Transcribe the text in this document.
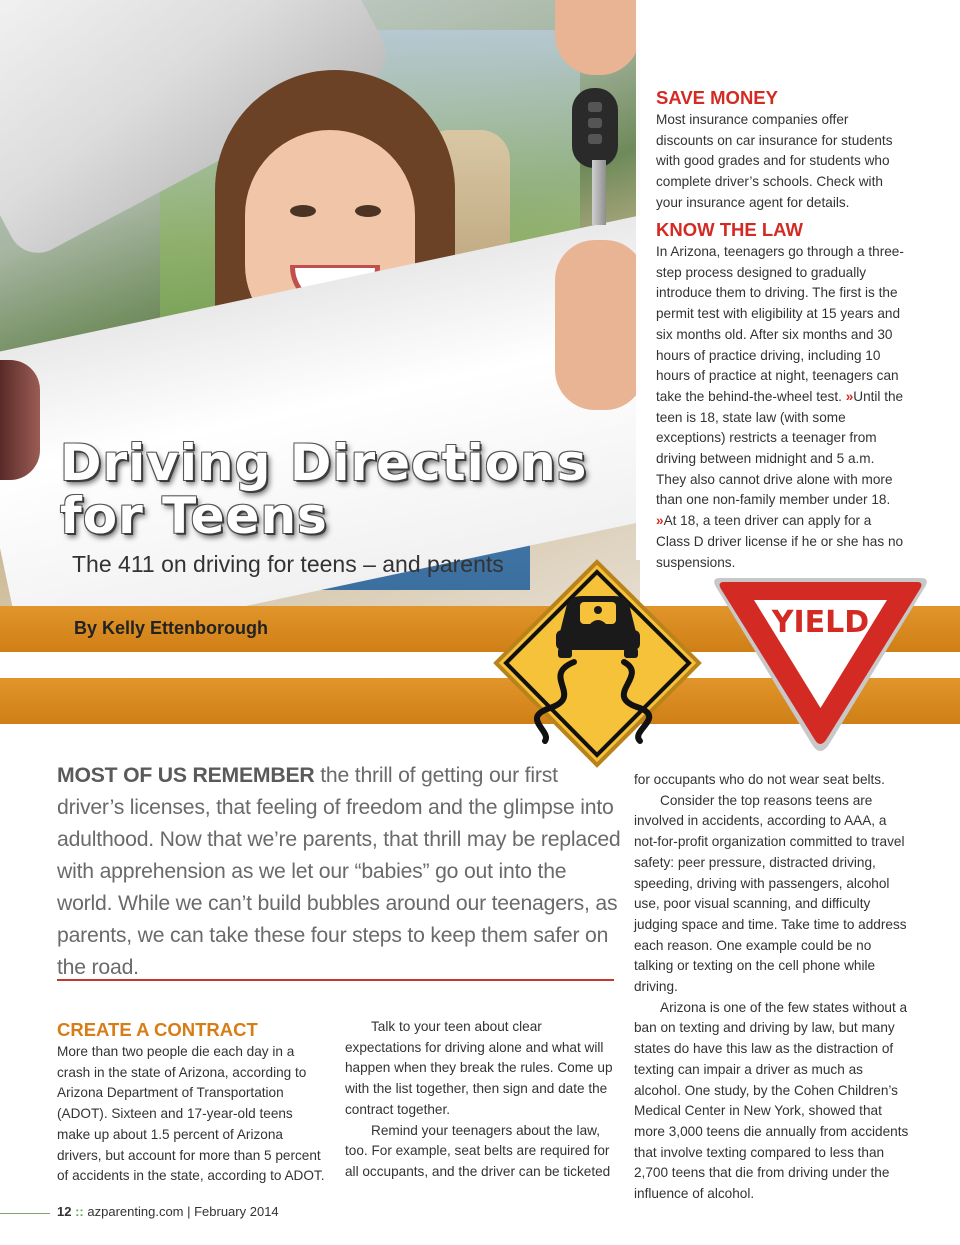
Driving Directions
for Teens
The 411 on driving for teens – and parents
By Kelly Ettenborough	YIELD
SAVE MONEY

Most insurance companies offer discounts on car insurance for students with good grades and for students who complete driver’s schools. Check with your insurance agent for details.

KNOW THE LAW

In Arizona, teenagers go through a three-step process designed to gradually introduce them to driving. The first is the permit test with eligibility at 15 years and six months old. After six months and 30 hours of practice driving, including 10 hours of practice at night, teenagers can take the behind-the-wheel test. »Until the teen is 18, state law (with some exceptions) restricts a teenager from driving between midnight and 5 a.m. They also cannot drive alone with more than one non-family member under 18. »At 18, a teen driver can apply for a Class D driver license if he or she has no suspensions.

MOST OF US REMEMBER the thrill of getting our first driver’s licenses, that feeling of freedom and the glimpse into adulthood. Now that we’re parents, that thrill may be replaced with apprehension as we let our “babies” go out into the world. While we can’t build bubbles around our teenagers, as parents, we can take these four steps to keep them safer on the road.

CREATE A CONTRACT

More than two people die each day in a crash in the state of Arizona, according to Arizona Department of Transportation (ADOT). Sixteen and 17-year-old teens make up about 1.5 percent of Arizona drivers, but account for more than 5 percent of accidents in the state, according to ADOT.

Talk to your teen about clear expectations for driving alone and what will happen when they break the rules. Come up with the list together, then sign and date the contract together.

Remind your teenagers about the law, too. For example, seat belts are required for all occupants, and the driver can be ticketed

for occupants who do not wear seat belts.

Consider the top reasons teens are involved in accidents, according to AAA, a not-for-profit organization committed to travel safety: peer pressure, distracted driving, speeding, driving with passengers, alcohol use, poor visual scanning, and difficulty judging space and time. Take time to address each reason. One example could be no talking or texting on the cell phone while driving.

Arizona is one of the few states without a ban on texting and driving by law, but many states do have this law as the distraction of texting can impair a driver as much as alcohol. One study, by the Cohen Children’s Medical Center in New York, showed that more 3,000 teens die annually from accidents that involve texting compared to less than 2,700 teens that die from driving under the influence of alcohol.

12 :: azparenting.com | February 2014
